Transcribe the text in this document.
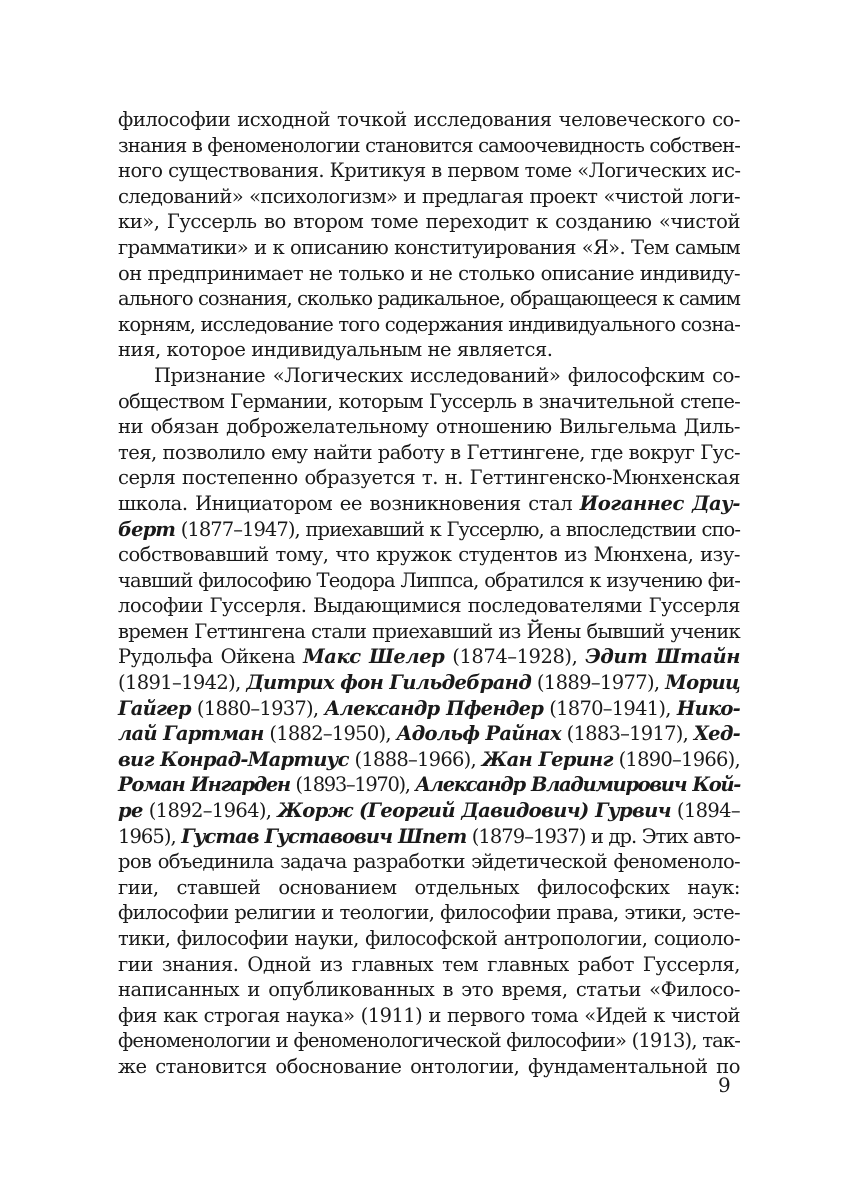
философии исходной точкой исследования человеческого со-
знания в феноменологии становится самоочевидность собствен-
ного существования. Критикуя в первом томе «Логических ис-
следований» «психологизм» и предлагая проект «чистой логи-
ки», Гуссерль во втором томе переходит к созданию «чистой
грамматики» и к описанию конституирования «Я». Тем самым
он предпринимает не только и не столько описание индивиду-
ального сознания, сколько радикальное, обращающееся к самим
корням, исследование того содержания индивидуального созна-
ния, которое индивидуальным не является.
Признание «Логических исследований» философским со-
обществом Германии, которым Гуссерль в значительной степе-
ни обязан доброжелательному отношению Вильгельма Диль-
тея, позволило ему найти работу в Геттингене, где вокруг Гус-
серля постепенно образуется т. н. Геттингенско-Мюнхенская
школа. Инициатором ее возникновения стал Иоганнес Дау-
берт (1877–1947), приехавший к Гуссерлю, а впоследствии спо-
собствовавший тому, что кружок студентов из Мюнхена, изу-
чавший философию Теодора Липпса, обратился к изучению фи-
лософии Гуссерля. Выдающимися последователями Гуссерля
времен Геттингена стали приехавший из Йены бывший ученик
Рудольфа Ойкена Макс Шелер (1874–1928), Эдит Штайн
(1891–1942), Дитрих фон Гильдебранд (1889–1977), Мориц
Гайгер (1880–1937), Александр Пфендер (1870–1941), Нико-
лай Гартман (1882–1950), Адольф Райнах (1883–1917), Хед-
виг Конрад-Мартиус (1888–1966), Жан Геринг (1890–1966),
Роман Ингарден (1893–1970), Александр Владимирович Кой-
ре (1892–1964), Жорж (Георгий Давидович) Гурвич (1894–
1965), Густав Густавович Шпет (1879–1937) и др. Этих авто-
ров объединила задача разработки эйдетической феноменоло-
гии, ставшей основанием отдельных философских наук:
философии религии и теологии, философии права, этики, эсте-
тики, философии науки, философской антропологии, социоло-
гии знания. Одной из главных тем главных работ Гуссерля,
написанных и опубликованных в это время, статьи «Филосо-
фия как строгая наука» (1911) и первого тома «Идей к чистой
феноменологии и феноменологической философии» (1913), так-
же становится обоснование онтологии, фундаментальной по
9
